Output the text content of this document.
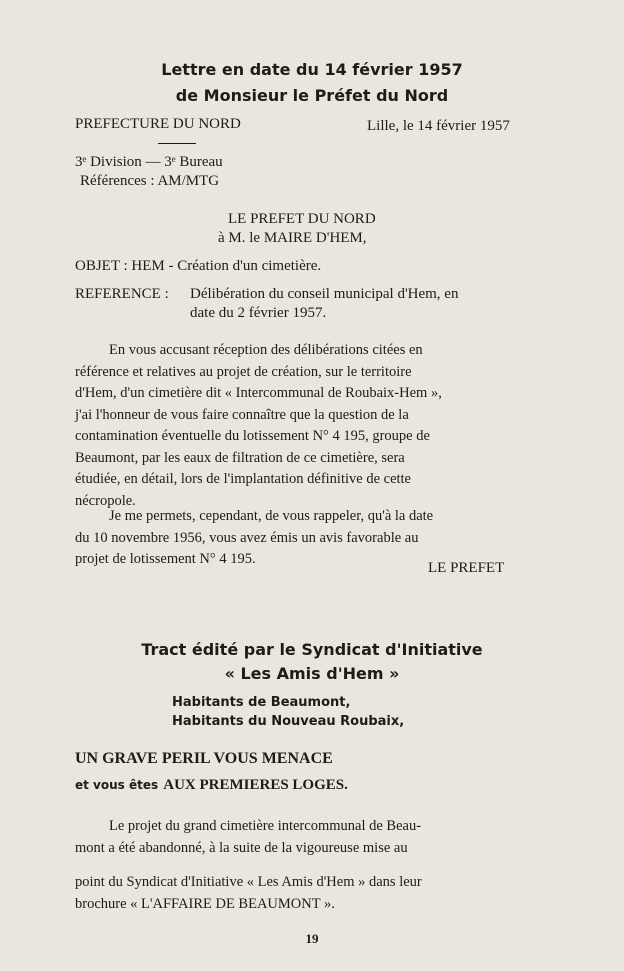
Lettre en date du 14 février 1957
de Monsieur le Préfet du Nord
PREFECTURE DU NORD	Lille, le 14 février 1957
3ᵉ Division — 3ᵉ Bureau
Références : AM/MTG
LE PREFET DU NORD
à M. le MAIRE D'HEM,
OBJET : HEM - Création d'un cimetière.
REFERENCE : Délibération du conseil municipal d'Hem, en
date du 2 février 1957.
En vous accusant réception des délibérations citées en
référence et relatives au projet de création, sur le territoire
d'Hem, d'un cimetière dit « Intercommunal de Roubaix-Hem »,
j'ai l'honneur de vous faire connaître que la question de la
contamination éventuelle du lotissement N° 4 195, groupe de
Beaumont, par les eaux de filtration de ce cimetière, sera
étudiée, en détail, lors de l'implantation définitive de cette
nécropole.
Je me permets, cependant, de vous rappeler, qu'à la date
du 10 novembre 1956, vous avez émis un avis favorable au
projet de lotissement N° 4 195.
LE PREFET
Tract édité par le Syndicat d'Initiative
« Les Amis d'Hem »
Habitants de Beaumont,
Habitants du Nouveau Roubaix,
UN GRAVE PERIL VOUS MENACE
et vous êtes AUX PREMIERES LOGES.
Le projet du grand cimetière intercommunal de Beau-
mont a été abandonné, à la suite de la vigoureuse mise au
point du Syndicat d'Initiative « Les Amis d'Hem » dans leur
brochure « L'AFFAIRE DE BEAUMONT ».
19
